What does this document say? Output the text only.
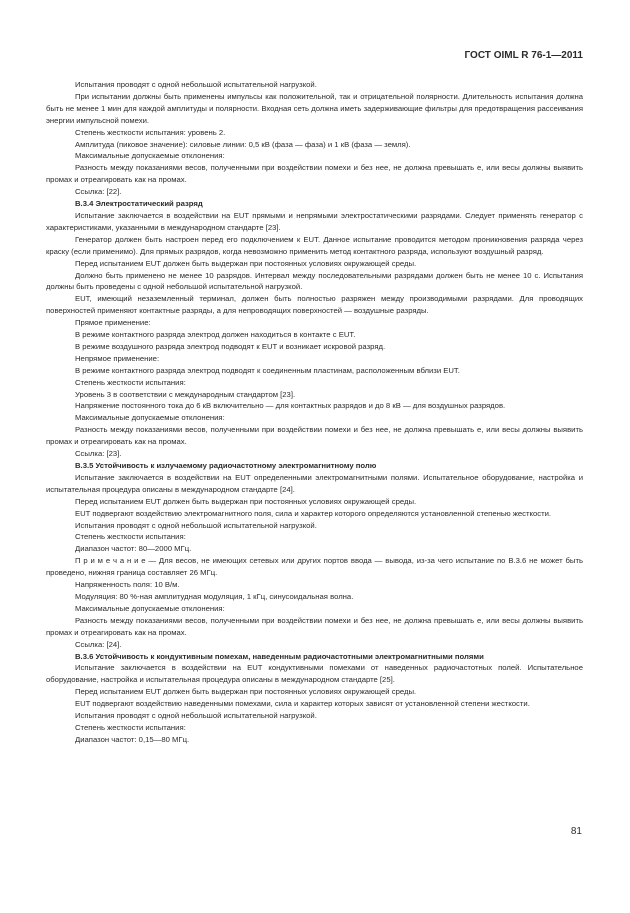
ГОСТ OIML R 76-1—2011
Испытания проводят с одной небольшой испытательной нагрузкой.
При испытании должны быть применены импульсы как положительной, так и отрицательной полярности. Длительность испытания должна быть не менее 1 мин для каждой амплитуды и полярности. Входная сеть должна иметь задерживающие фильтры для предотвращения рассеивания энергии импульсной помехи.
Степень жесткости испытания: уровень 2.
Амплитуда (пиковое значение): силовые линии: 0,5 кВ (фаза — фаза) и 1 кВ (фаза — земля).
Максимальные допускаемые отклонения:
Разность между показаниями весов, полученными при воздействии помехи и без нее, не должна превышать e, или весы должны выявить промах и отреагировать как на промах.
Ссылка: [22].
В.3.4 Электростатический разряд
Испытание заключается в воздействии на EUT прямыми и непрямыми электростатическими разрядами. Следует применять генератор с характеристиками, указанными в международном стандарте [23].
Генератор должен быть настроен перед его подключением к EUT. Данное испытание проводится методом проникновения разряда через краску (если применимо). Для прямых разрядов, когда невозможно применить метод контактного разряда, используют воздушный разряд.
Перед испытанием EUT должен быть выдержан при постоянных условиях окружающей среды.
Должно быть применено не менее 10 разрядов. Интервал между последовательными разрядами должен быть не менее 10 с. Испытания должны быть проведены с одной небольшой испытательной нагрузкой.
EUT, имеющий незаземленный терминал, должен быть полностью разряжен между производимыми разрядами. Для проводящих поверхностей применяют контактные разряды, а для непроводящих поверхностей — воздушные разряды.
Прямое применение:
В режиме контактного разряда электрод должен находиться в контакте с EUT.
В режиме воздушного разряда электрод подводят к EUT и возникает искровой разряд.
Непрямое применение:
В режиме контактного разряда электрод подводят к соединенным пластинам, расположенным вблизи EUT.
Степень жесткости испытания:
Уровень 3 в соответствии с международным стандартом [23].
Напряжение постоянного тока до 6 кВ включительно — для контактных разрядов и до 8 кВ — для воздушных разрядов.
Максимальные допускаемые отклонения:
Разность между показаниями весов, полученными при воздействии помехи и без нее, не должна превышать e, или весы должны выявить промах и отреагировать как на промах.
Ссылка: [23].
В.3.5 Устойчивость к излучаемому радиочастотному электромагнитному полю
Испытание заключается в воздействии на EUT определенными электромагнитными полями. Испытательное оборудование, настройка и испытательная процедура описаны в международном стандарте [24].
Перед испытанием EUT должен быть выдержан при постоянных условиях окружающей среды.
EUT подвергают воздействию электромагнитного поля, сила и характер которого определяются установленной степенью жесткости.
Испытания проводят с одной небольшой испытательной нагрузкой.
Степень жесткости испытания:
Диапазон частот: 80—2000 МГц.
П р и м е ч а н и е — Для весов, не имеющих сетевых или других портов ввода — вывода, из-за чего испытание по В.3.6 не может быть проведено, нижняя граница составляет 26 МГц.
Напряженность поля: 10 В/м.
Модуляция: 80 %-ная амплитудная модуляция, 1 кГц, синусоидальная волна.
Максимальные допускаемые отклонения:
Разность между показаниями весов, полученными при воздействии помехи и без нее, не должна превышать e, или весы должны выявить промах и отреагировать как на промах.
Ссылка: [24].
В.3.6 Устойчивость к кондуктивным помехам, наведенным радиочастотными электромагнитными полями
Испытание заключается в воздействии на EUT кондуктивными помехами от наведенных радиочастотных полей. Испытательное оборудование, настройка и испытательная процедура описаны в международном стандарте [25].
Перед испытанием EUT должен быть выдержан при постоянных условиях окружающей среды.
EUT подвергают воздействию наведенными помехами, сила и характер которых зависят от установленной степени жесткости.
Испытания проводят с одной небольшой испытательной нагрузкой.
Степень жесткости испытания:
Диапазон частот: 0,15—80 МГц.
81
